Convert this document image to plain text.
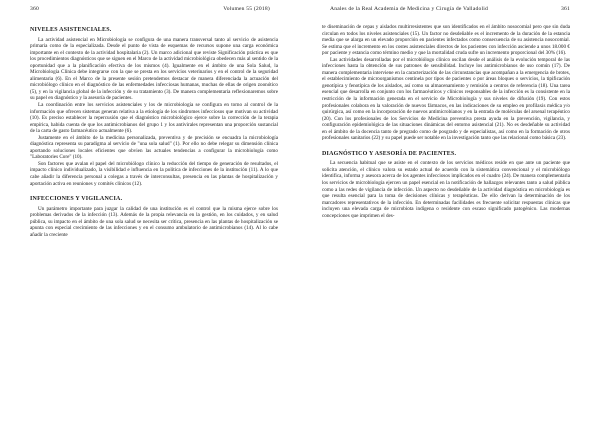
360	Volumen 55 (2018)
NIVELES ASISTENCIALES.

La actividad asistencial en Microbiología se configura de una manera transversal tanto al servicio de asistencia primaria como de la especializada. Desde el punto de vista de esquemas de recursos supone una carga económica importante en el contexto de la actividad hospitalaria (2). Un marco adicional que reviste Significación práctica es que los procedimientos diagnósticos que se siguen en el Marco de la actividad microbiológica obedecen más al sentido de la oportunidad que a la planificación efectiva de los mismos (4). Igualmente en el ámbito de una Sola Salud, la Microbiología Clínica debe integrarse con la que se presta en los servicios veterinarios y en el control de la seguridad alimentaria (6). En el Marco de la presente sesión pretendemos destacar de manera diferenciada la actuación del microbiólogo clínico en el diagnóstico de las enfermedades infecciosas humanas, muchas de ellas de origen zoonótico (5), y en la vigilancia global de la infección y de su tratamiento (3). De manera complementaria reflexionaremos sobre su papel en diagnóstico y la asesoría de pacientes.

La coordinación entre los servicios asistenciales y los de microbiología se configura en torno al control de la información que ofrecen sistemas generan relativa a la etiología de los síndromes infecciosos que motivan su actividad (10). Es preciso establecer la repercusión que el diagnóstico microbiológico ejerce sobre la corrección de la terapia empírica, habida cuenta de que los antimicrobianos del grupo 1 y los antivirales representan una proporción sustancial de la carta de gasto farmacéutico actualmente (6).

Justamente en el ámbito de la medicina personalizada, preventiva y de precisión se encuadra la microbiología diagnóstica representa su paradigma al servicio de "una sola salud" (1). Por ello no debe relegar su dimensión clínica aportando soluciones locales eficientes que obvien las actuales tendencias a configurar la microbiología como "Laboratories Core" (10).

Son factores que avalan el papel del microbiólogo clínico la reducción del tiempo de generación de resultados, el impacto clínico individualizado, la visibilidad e influencia en la política de infecciones de la institución (11). A lo que cabe añadir la diferencia personal a colegas a través de interconsultas, presencia en las plantas de hospitalización y aportación activa en reuniones y comités clínicos (12).

INFECCIONES Y VIGILANCIA.

Un parámetro importante para juzgar la calidad de una institución es el control que la misma ejerce sobre los problemas derivados de la infección (13). Además de la propia relevancia en la gestión, en los cuidados, y en salud pública, su impacto en el ámbito de una sola salud se necesita ser crítica, presencia en las plantas de hospitalización se apunta con especial crecimiento de las infecciones y en el consumo ambulatorio de antimicrobianos (14). Al lo cabe añadir la creciente

Anales de la Real Academia de Medicina y Cirugía de Valladolid	361

te diseminación de cepas y aislados multirresistentes que son identificados en el ámbito nosocomial pero que sin duda circulan en todos los niveles asistenciales (15). Un factor no desdeñable es el incremento de la duración de la estancia media que se alarga en un elevado proporción en pacientes infectados como consecuencia de su asistencia nosocomial. Se estima que el incremento en los costes asistenciales directos de los pacientes con infección asciende a unos 18.000 € por paciente y estancia como término medio y que la mortalidad cruda sufre un incremento proporcional del 30% (16).

Las actividades desarrolladas por el microbiólogo clínico oscilan desde el análisis de la evolución temporal de las infecciones hasta la obtención de sus patrones de sensibilidad. Incluye los antimicrobianos de uso común (17). De manera complementaria interviene en la caracterización de las circunstancias que acompañan a la emergencia de brotes, el establecimiento de microorganismos centinela por tipos de pacientes o por áreas bloques o servicios, la tipificación genotípica y fenotípica de los aislados, así como su almacenamiento y remisión a centros de referencia (18). Una tarea esencial que desarrolla en conjunto con los farmacéuticos y clínicos responsables de la infección es la consistente en la restricción de la información generada en el servicio de Microbiología y sus niveles de difusión (19). Con estos profesionales colabora en la valoración de nuevos fármacos, en las indicaciones de su empleo en profilaxis médica y/o quirúrgica, así como en la incorporación de nuevos antimicrobianos y en la entrada de moléculas del arsenal terapéutico (20). Con los profesionales de los Servicios de Medicina preventiva presta ayuda en la prevención, vigilancia, y configuración epidemiológica de las situaciones dinámicas del entorno asistencial (21). No es desdeñable su actividad en el ámbito de la docencia tanto de pregrado como de posgrado y de especialistas, así como en la formación de otros profesionales sanitarios (22) y su papel puede ser notable en la investigación tanto que las relacional como básica (23).

DIAGNÓSTICO Y ASESORÍA DE PACIENTES.

La secuencia habitual que se asiste en el contexto de los servicios médicos reside en que ante un paciente que solicita atención, el clínico valora su estado actual de acuerdo con la sistemática convencional y el microbiólogo identifica, informa y asesora acerca de los agentes infecciosos implicados en el cuadro (24). De manera complementaria los servicios de microbiología ejercen un papel esencial en la notificación de hallazgos relevantes tanto a salud pública como a las redes de vigilancia de infección. Un aspecto no desdeñable de la actividad diagnóstica en microbiología es que resulta esencial para la toma de decisiones clínicas y terapéuticas. De ello derivan la determinación de los marcadores representativos de la infección. En determinadas facilidades es frecuente solicitar respuestas clínicas que incluyen una elevada carga de microbiota indígena o residente con escaso significado patogénico. Las modernas concepciones que imprimen el des-
